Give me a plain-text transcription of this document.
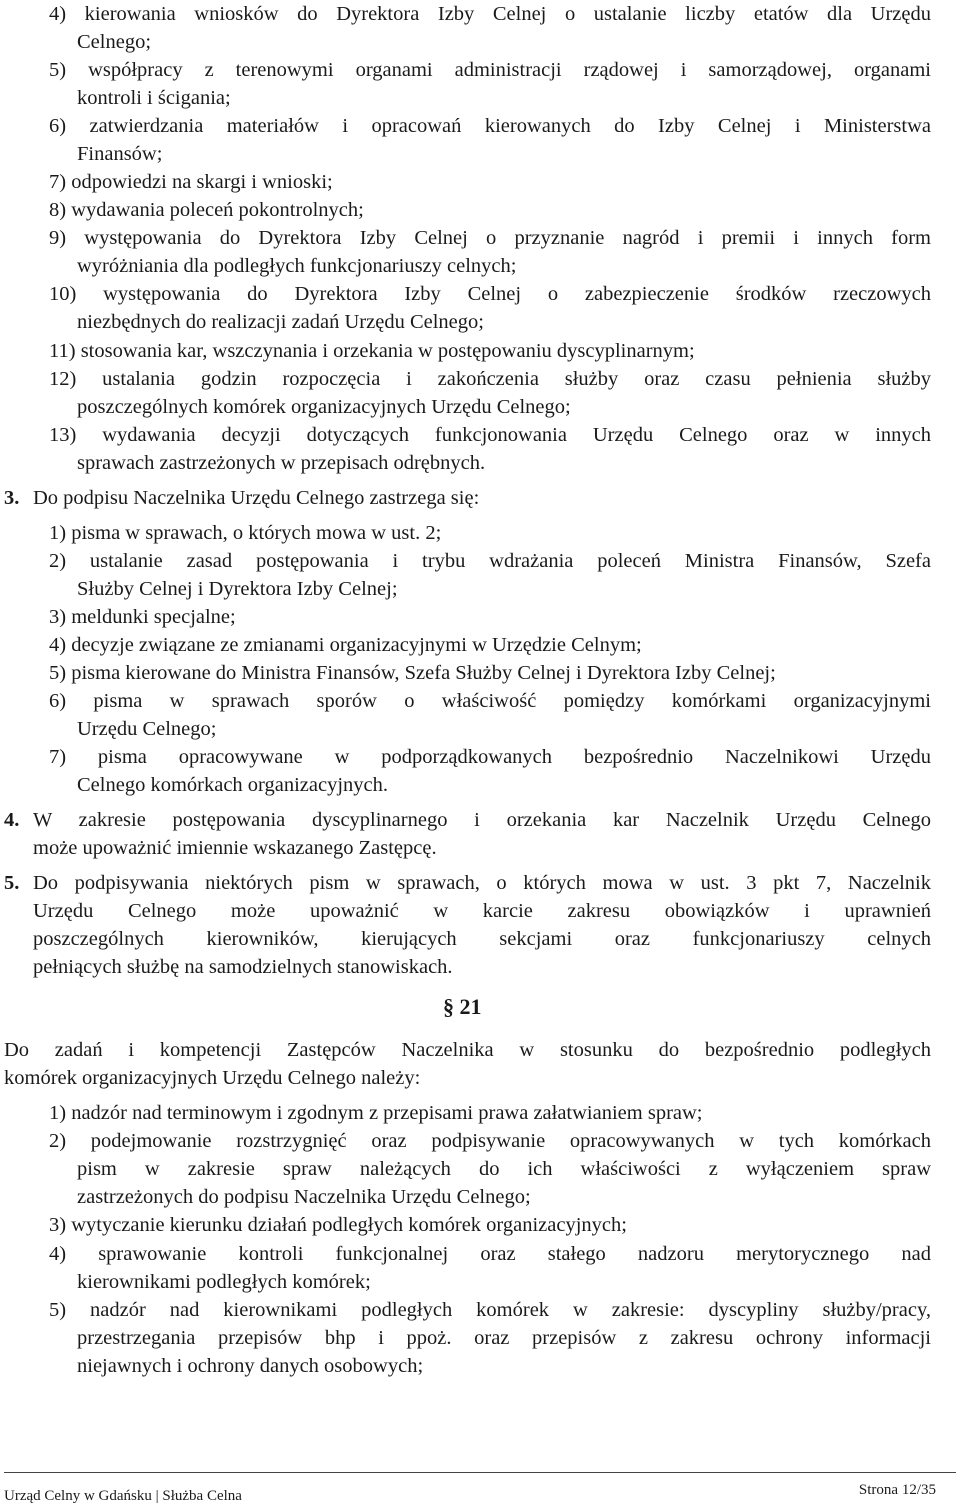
4) kierowania wniosków do Dyrektora Izby Celnej o ustalanie liczby etatów dla Urzędu
Celnego;
5) współpracy z terenowymi organami administracji rządowej i samorządowej, organami
kontroli i ścigania;
6) zatwierdzania materiałów i opracowań kierowanych do Izby Celnej i Ministerstwa
Finansów;
7) odpowiedzi na skargi i wnioski;
8) wydawania poleceń pokontrolnych;
9) występowania do Dyrektora Izby Celnej o przyznanie nagród i premii i innych form
wyróżniania dla podległych funkcjonariuszy celnych;
10) występowania do Dyrektora Izby Celnej o zabezpieczenie środków rzeczowych
niezbędnych do realizacji zadań Urzędu Celnego;
11) stosowania kar, wszczynania i orzekania w postępowaniu dyscyplinarnym;
12) ustalania godzin rozpoczęcia i zakończenia służby oraz czasu pełnienia służby
poszczególnych komórek organizacyjnych Urzędu Celnego;
13) wydawania decyzji dotyczących funkcjonowania Urzędu Celnego oraz w innych
sprawach zastrzeżonych w przepisach odrębnych.
3. Do podpisu Naczelnika Urzędu Celnego zastrzega się:
1) pisma w sprawach, o których mowa w ust. 2;
2) ustalanie zasad postępowania i trybu wdrażania poleceń Ministra Finansów, Szefa
Służby Celnej i Dyrektora Izby Celnej;
3) meldunki specjalne;
4) decyzje związane ze zmianami organizacyjnymi w Urzędzie Celnym;
5) pisma kierowane do Ministra Finansów, Szefa Służby Celnej i Dyrektora Izby Celnej;
6) pisma w sprawach sporów o właściwość pomiędzy komórkami organizacyjnymi
Urzędu Celnego;
7) pisma opracowywane w podporządkowanych bezpośrednio Naczelnikowi Urzędu
Celnego komórkach organizacyjnych.
4. W zakresie postępowania dyscyplinarnego i orzekania kar Naczelnik Urzędu Celnego
może upoważnić imiennie wskazanego Zastępcę.
5. Do podpisywania niektórych pism w sprawach, o których mowa w ust. 3 pkt 7, Naczelnik
Urzędu Celnego może upoważnić w karcie zakresu obowiązków i uprawnień
poszczególnych kierowników, kierujących sekcjami oraz funkcjonariuszy celnych
pełniących służbę na samodzielnych stanowiskach.
Do zadań i kompetencji Zastępców Naczelnika w stosunku do bezpośrednio podległych
komórek organizacyjnych Urzędu Celnego należy:
1) nadzór nad terminowym i zgodnym z przepisami prawa załatwianiem spraw;
2) podejmowanie rozstrzygnięć oraz podpisywanie opracowywanych w tych komórkach
pism w zakresie spraw należących do ich właściwości z wyłączeniem spraw
zastrzeżonych do podpisu Naczelnika Urzędu Celnego;
3) wytyczanie kierunku działań podległych komórek organizacyjnych;
4) sprawowanie kontroli funkcjonalnej oraz stałego nadzoru merytorycznego nad
kierownikami podległych komórek;
5) nadzór nad kierownikami podległych komórek w zakresie: dyscypliny służby/pracy,
przestrzegania przepisów bhp i ppoż. oraz przepisów z zakresu ochrony informacji
niejawnych i ochrony danych osobowych;
§ 21
Urząd Celny w Gdańsku | Służba Celna	Strona 12/35
